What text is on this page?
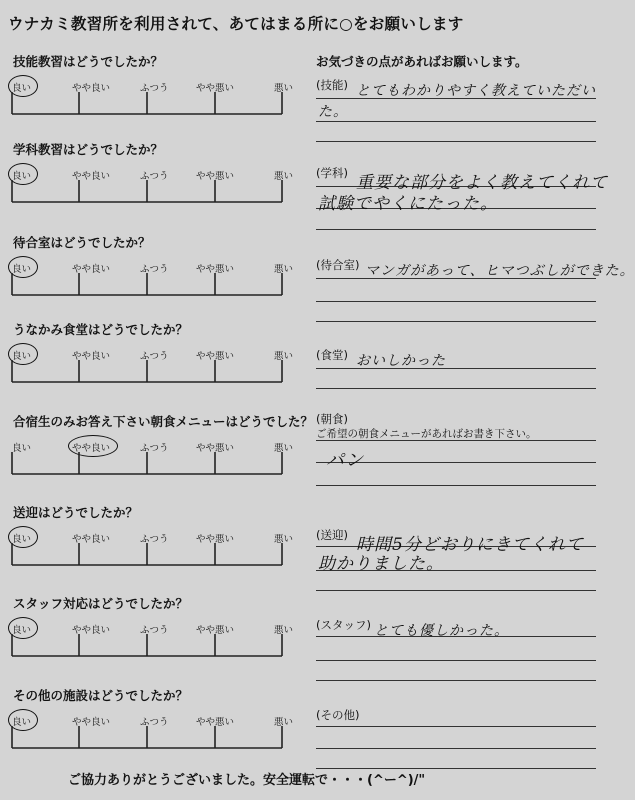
ウナカミ教習所を利用されて、あてはまる所に○をお願いします
技能教習はどうでしたか？
良い	やや良い	ふつう	やや悪い	悪い
学科教習はどうでしたか？
良い	やや良い	ふつう	やや悪い	悪い
待合室はどうでしたか？
良い	やや良い	ふつう	やや悪い	悪い
うなかみ食堂はどうでしたか？
良い	やや良い	ふつう	やや悪い	悪い
合宿生のみお答え下さい朝食メニューはどうでした？
良い	やや良い	ふつう	やや悪い	悪い
送迎はどうでしたか？
良い	やや良い	ふつう	やや悪い	悪い
スタッフ対応はどうでしたか？
良い	やや良い	ふつう	やや悪い	悪い
その他の施設はどうでしたか？
良い	やや良い	ふつう	やや悪い	悪い
お気づきの点があればお願いします。
(技能) とてもわかりやすく教えていただい
た。
(学科) 重要な部分をよく教えてくれて
試験でやくにたった。
(待合室) マンガがあって、ヒマつぶしができた。
(食堂) おいしかった
(朝食)
ご希望の朝食メニューがあればお書き下さい。
パン
(送迎) 時間5分どおりにきてくれて
助かりました。
(スタッフ) とても優しかった。
(その他)
ご協力ありがとうございました。安全運転で・・・(^ー^)/"
